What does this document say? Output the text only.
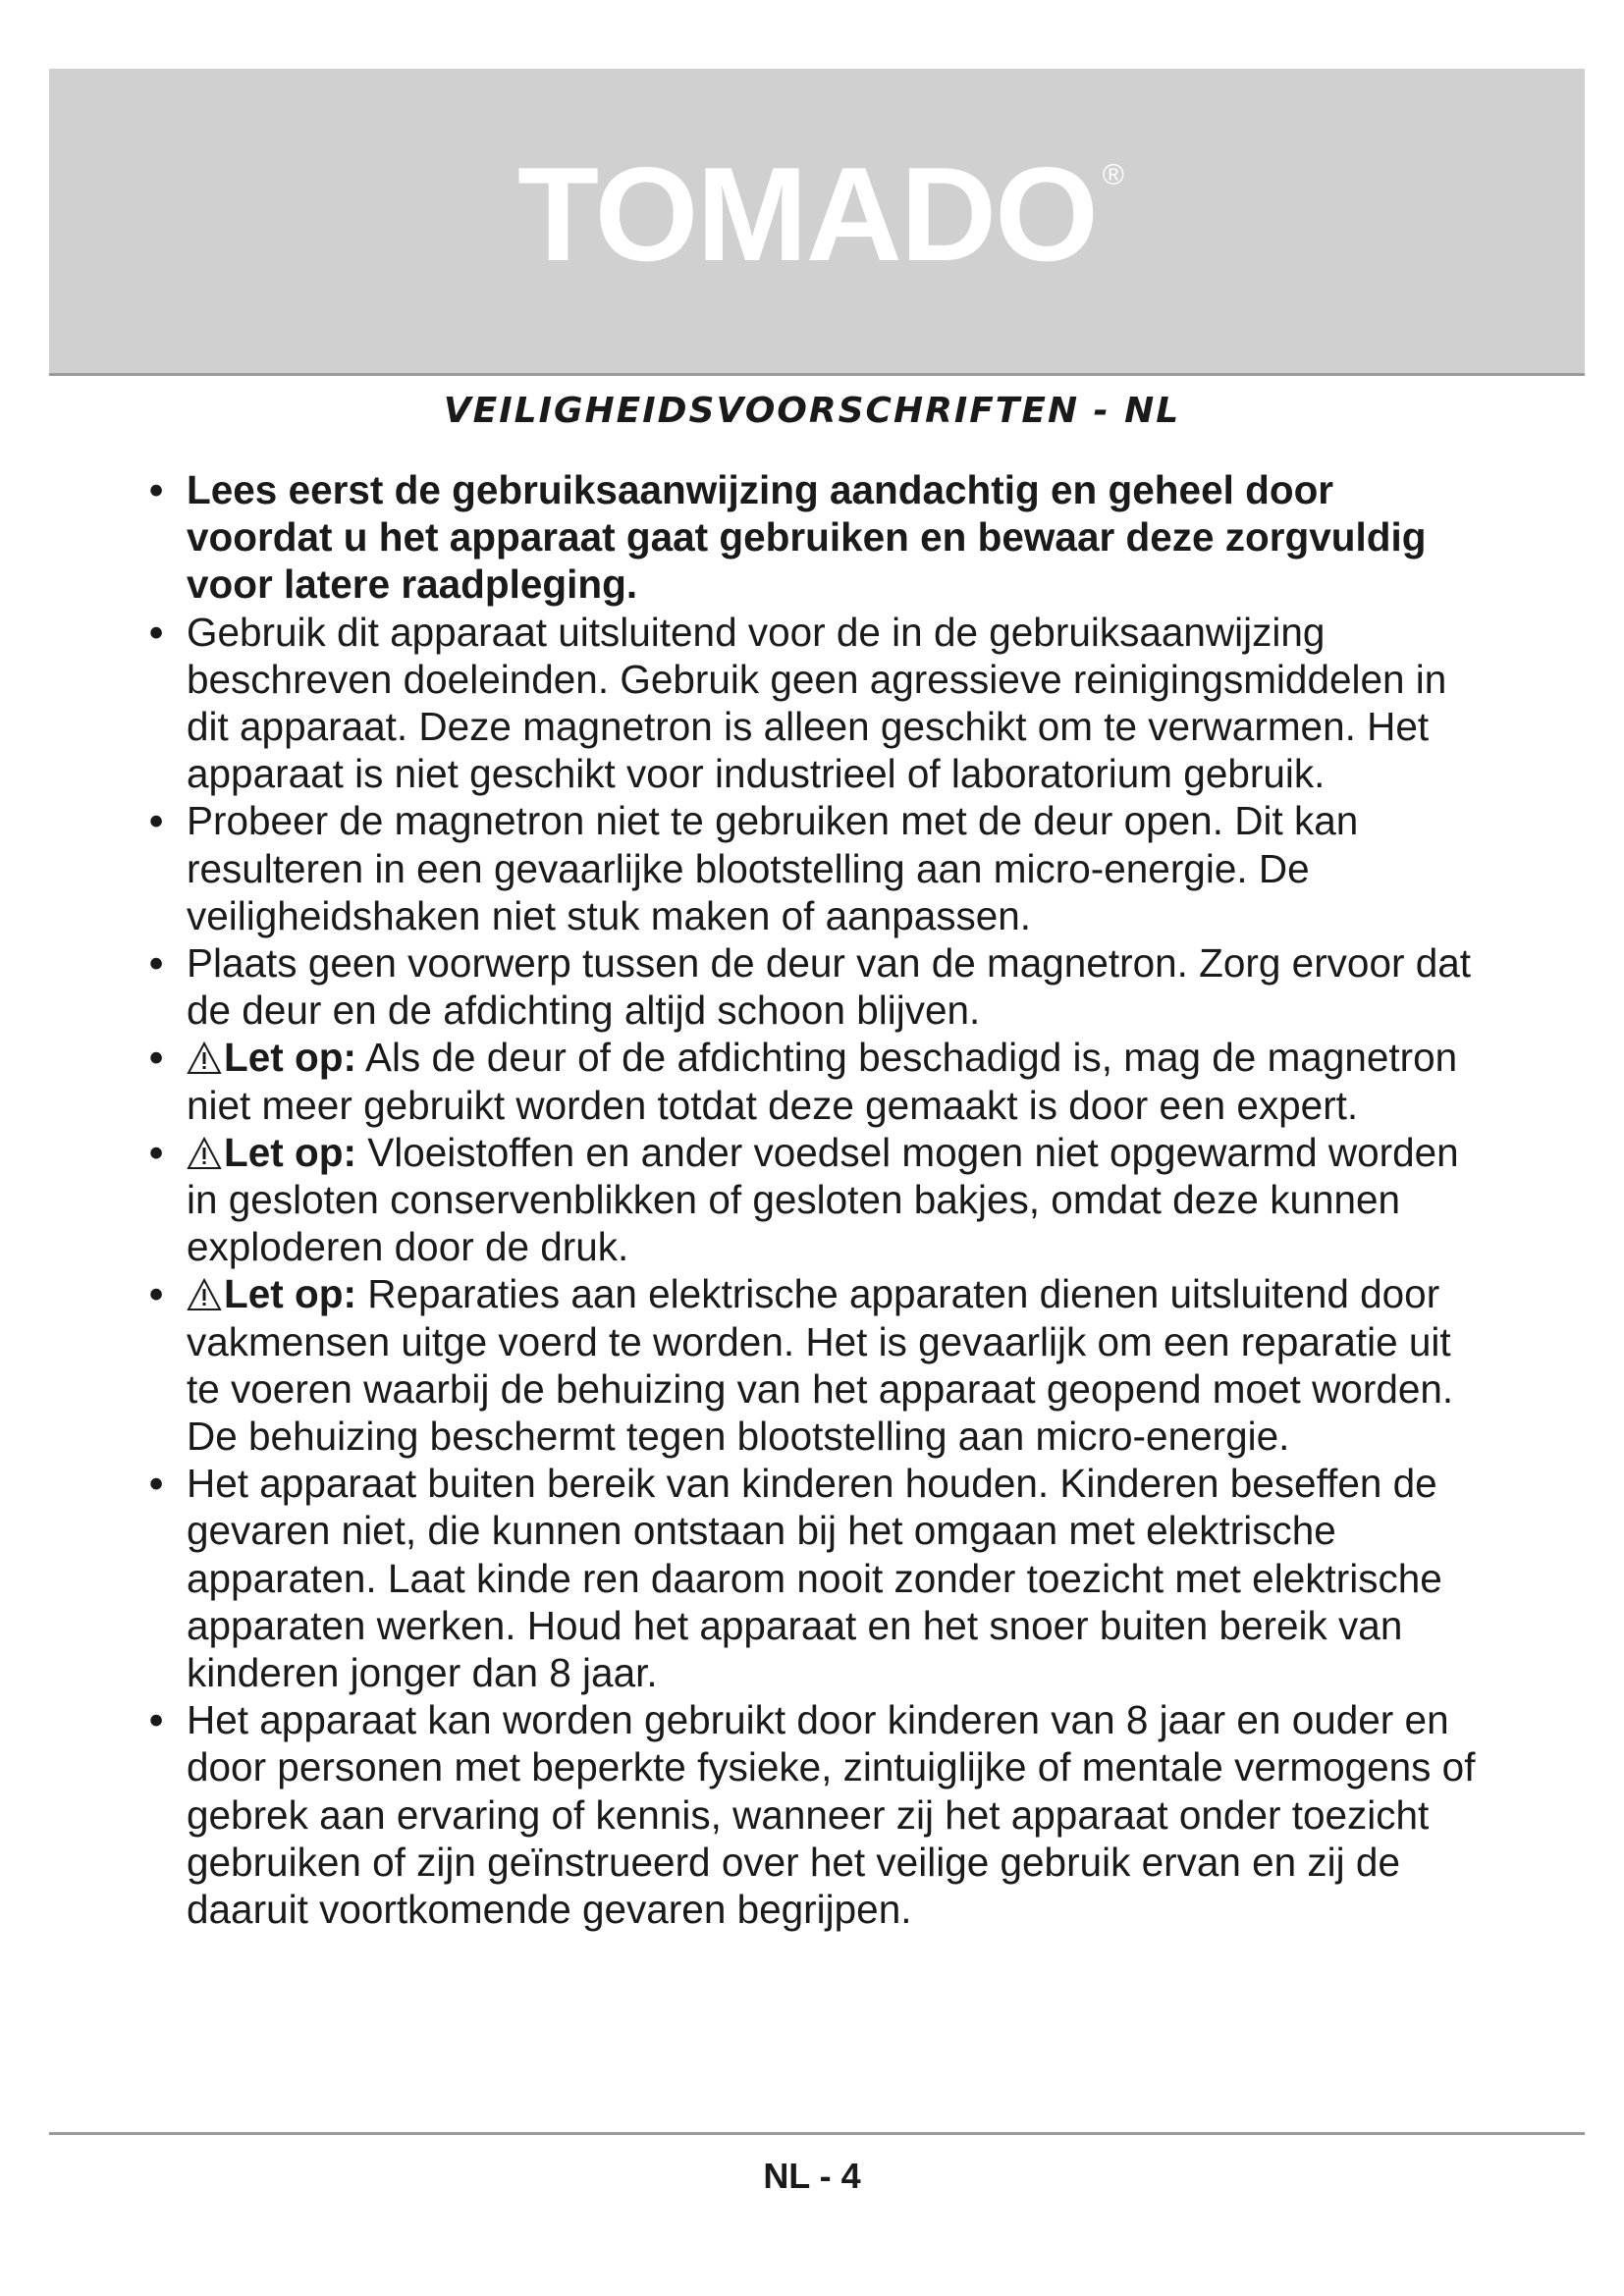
TOMADO ®
VEILIGHEIDSVOORSCHRIFTEN - NL

• Lees eerst de gebruiksaanwijzing aandachtig en geheel door voordat u het apparaat gaat gebruiken en bewaar deze zorgvuldig voor latere raadpleging.

• Gebruik dit apparaat uitsluitend voor de in de gebruiksaanwijzing beschreven doeleinden. Gebruik geen agressieve reinigingsmiddelen in dit apparaat. Deze magnetron is alleen geschikt om te verwarmen. Het apparaat is niet geschikt voor industrieel of laboratorium gebruik.

• Probeer de magnetron niet te gebruiken met de deur open. Dit kan resulteren in een gevaarlijke blootstelling aan micro-energie. De veiligheidshaken niet stuk maken of aanpassen.

• Plaats geen voorwerp tussen de deur van de magnetron. Zorg ervoor dat de deur en de afdichting altijd schoon blijven.

• Let op: Als de deur of de afdichting beschadigd is, mag de magnetron niet meer gebruikt worden totdat deze gemaakt is door een expert.

• Let op: Vloeistoffen en ander voedsel mogen niet opgewarmd worden in gesloten conservenblikken of gesloten bakjes, omdat deze kunnen exploderen door de druk.

• Let op: Reparaties aan elektrische apparaten dienen uitsluitend door vakmensen uitge voerd te worden. Het is gevaarlijk om een reparatie uit te voeren waarbij de behuizing van het apparaat geopend moet worden. De behuizing beschermt tegen blootstelling aan micro-energie.

• Het apparaat buiten bereik van kinderen houden. Kinderen beseffen de gevaren niet, die kunnen ontstaan bij het omgaan met elektrische apparaten. Laat kinde ren daarom nooit zonder toezicht met elektrische apparaten werken. Houd het apparaat en het snoer buiten bereik van kinderen jonger dan 8 jaar.

• Het apparaat kan worden gebruikt door kinderen van 8 jaar en ouder en door personen met beperkte fysieke, zintuiglijke of mentale vermogens of gebrek aan ervaring of kennis, wanneer zij het apparaat onder toezicht gebruiken of zijn geïnstrueerd over het veilige gebruik ervan en zij de daaruit voortkomende gevaren begrijpen.

NL - 4
